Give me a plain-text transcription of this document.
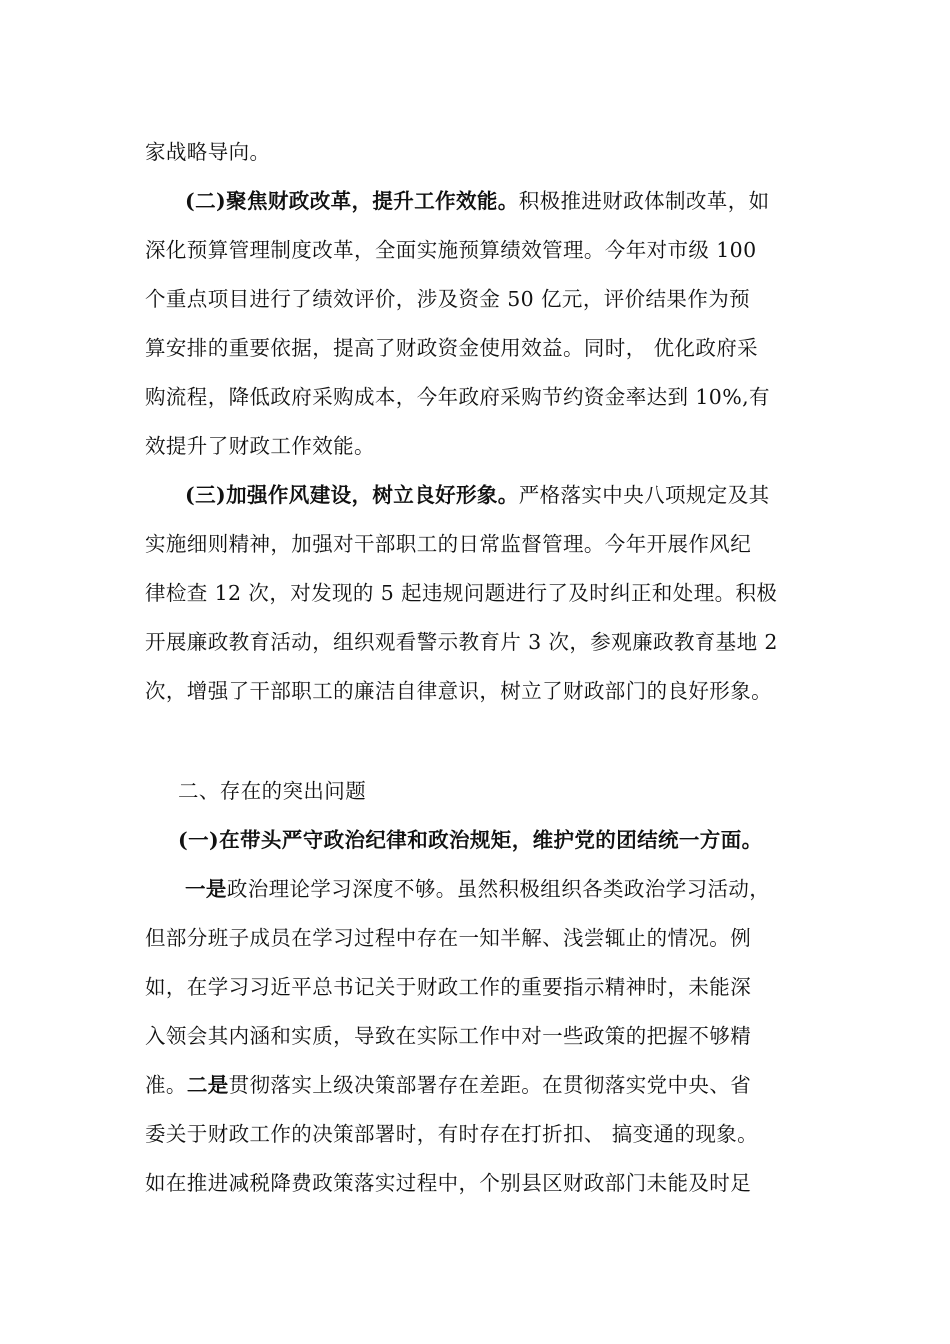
家战略导向。
(二)聚焦财政改革，提升工作效能。积极推进财政体制改革，如
深化预算管理制度改革，全面实施预算绩效管理。今年对市级 100
个重点项目进行了绩效评价，涉及资金 50 亿元，评价结果作为预
算安排的重要依据，提高了财政资金使用效益。同时， 优化政府采
购流程，降低政府采购成本，今年政府采购节约资金率达到 10%,有
效提升了财政工作效能。
(三)加强作风建设，树立良好形象。严格落实中央八项规定及其
实施细则精神，加强对干部职工的日常监督管理。今年开展作风纪
律检查 12 次，对发现的 5 起违规问题进行了及时纠正和处理。积极
开展廉政教育活动，组织观看警示教育片 3 次，参观廉政教育基地 2
次，增强了干部职工的廉洁自律意识，树立了财政部门的良好形象。
二、存在的突出问题
(一)在带头严守政治纪律和政治规矩，维护党的团结统一方面。
一是政治理论学习深度不够。虽然积极组织各类政治学习活动，
但部分班子成员在学习过程中存在一知半解、浅尝辄止的情况。例
如，在学习习近平总书记关于财政工作的重要指示精神时，未能深
入领会其内涵和实质，导致在实际工作中对一些政策的把握不够精
准。二是贯彻落实上级决策部署存在差距。在贯彻落实党中央、省
委关于财政工作的决策部署时，有时存在打折扣、 搞变通的现象。
如在推进减税降费政策落实过程中，个别县区财政部门未能及时足
